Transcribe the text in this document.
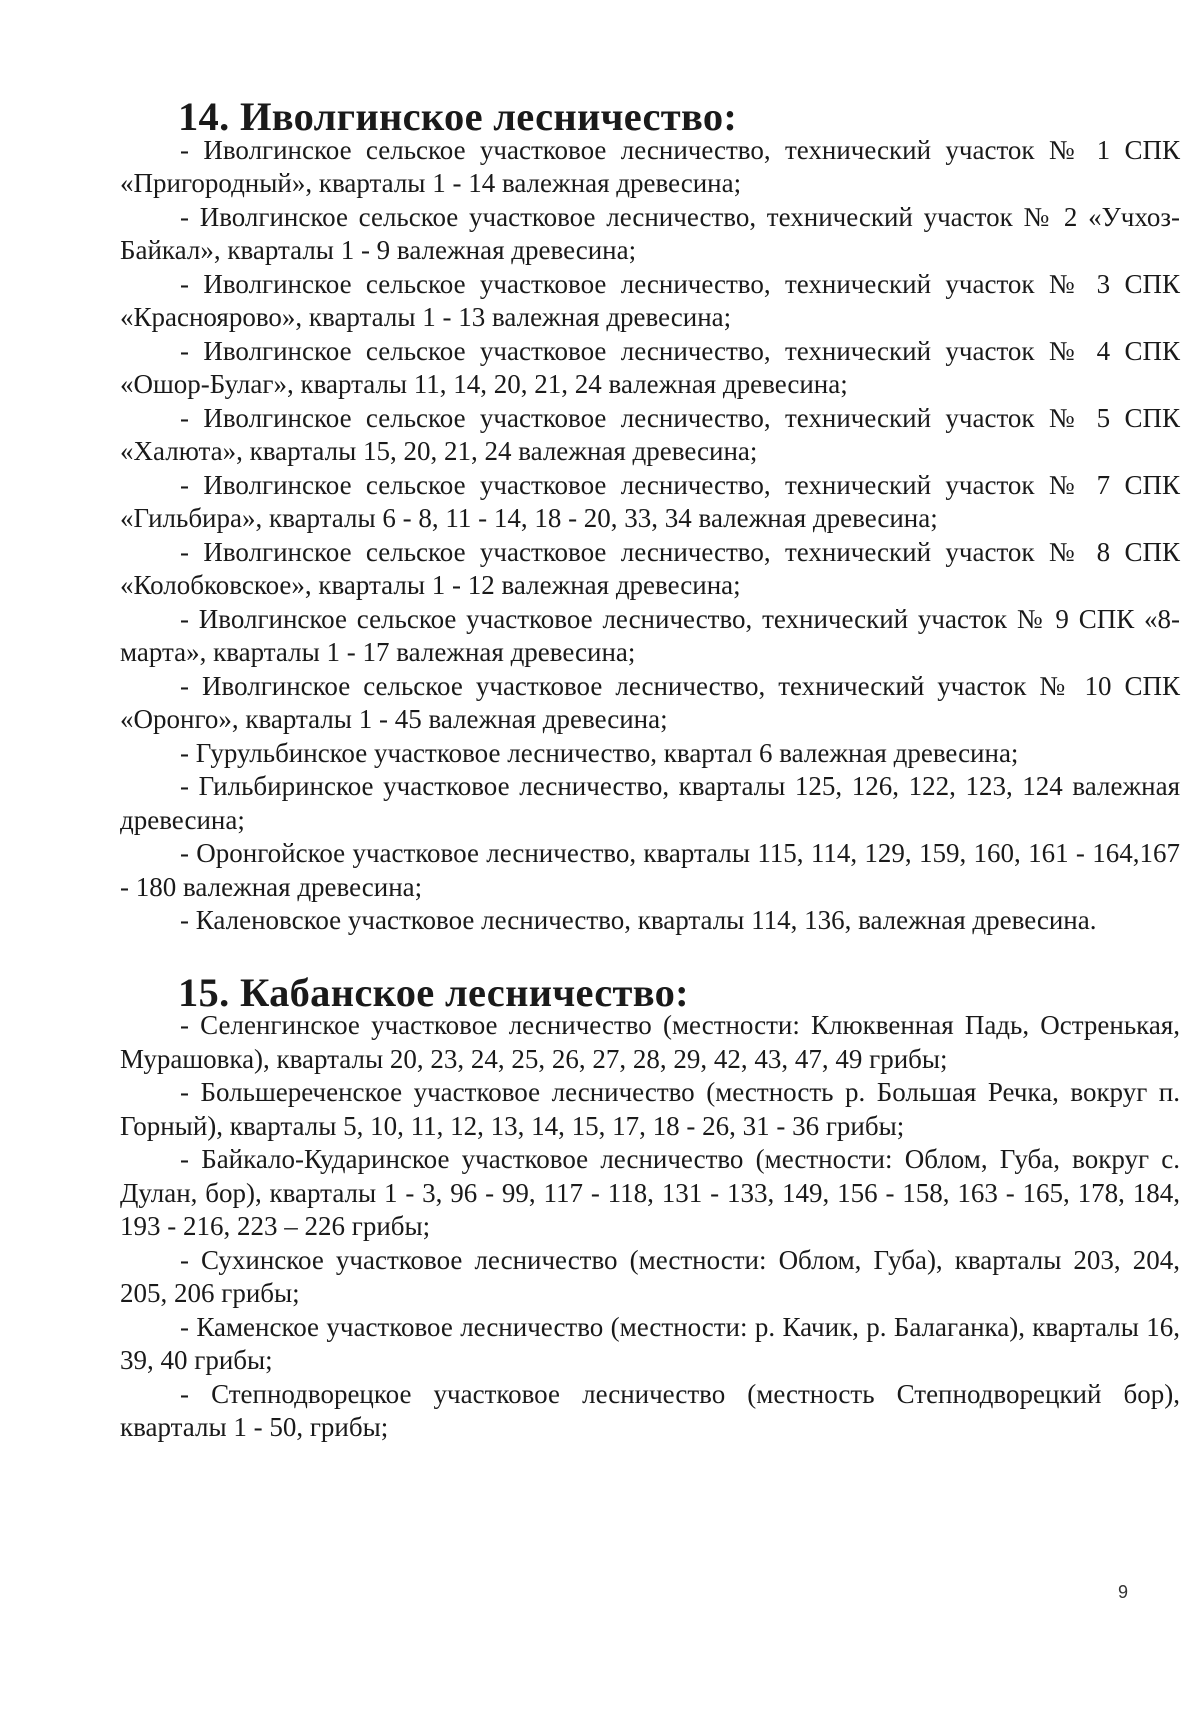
14. Иволгинское лесничество:

- Иволгинское сельское участковое лесничество, технический участок № 1 СПК «Пригородный», кварталы 1 - 14 валежная древесина;

- Иволгинское сельское участковое лесничество, технический участок № 2 «Учхоз- Байкал», кварталы 1 - 9 валежная древесина;

- Иволгинское сельское участковое лесничество, технический участок № 3 СПК «Красноярово», кварталы 1 - 13 валежная древесина;

- Иволгинское сельское участковое лесничество, технический участок № 4 СПК «Ошор-Булаг», кварталы 11, 14, 20, 21, 24 валежная древесина;

- Иволгинское сельское участковое лесничество, технический участок № 5 СПК «Халюта», кварталы 15, 20, 21, 24 валежная древесина;

- Иволгинское сельское участковое лесничество, технический участок № 7 СПК «Гильбира», кварталы 6 - 8, 11 - 14, 18 - 20, 33, 34 валежная древесина;

- Иволгинское сельское участковое лесничество, технический участок № 8 СПК «Колобковское», кварталы 1 - 12 валежная древесина;

- Иволгинское сельское участковое лесничество, технический участок № 9 СПК «8-марта», кварталы 1 - 17 валежная древесина;

- Иволгинское сельское участковое лесничество, технический участок № 10 СПК «Оронго», кварталы 1 - 45 валежная древесина;

- Гурульбинское участковое лесничество, квартал 6 валежная древесина;

- Гильбиринское участковое лесничество, кварталы 125, 126, 122, 123, 124 валежная древесина;

- Оронгойское участковое лесничество, кварталы 115, 114, 129, 159, 160, 161 - 164,167 - 180 валежная древесина;

- Каленовское участковое лесничество, кварталы 114, 136, валежная древесина.

15. Кабанское лесничество:

- Селенгинское участковое лесничество (местности: Клюквенная Падь, Остренькая, Мурашовка), кварталы 20, 23, 24, 25, 26, 27, 28, 29, 42, 43, 47, 49 грибы;

- Большереченское участковое лесничество (местность р. Большая Речка, вокруг п. Горный), кварталы 5, 10, 11, 12, 13, 14, 15, 17, 18 - 26, 31 - 36 грибы;

- Байкало-Кударинское участковое лесничество (местности: Облом, Губа, вокруг с. Дулан, бор), кварталы 1 - 3, 96 - 99, 117 - 118, 131 - 133, 149, 156 - 158, 163 - 165, 178, 184, 193 - 216, 223 – 226 грибы;

- Сухинское участковое лесничество (местности: Облом, Губа), кварталы 203, 204, 205, 206 грибы;

- Каменское участковое лесничество (местности: р. Качик, р. Балаганка), кварталы 16, 39, 40 грибы;

- Степнодворецкое участковое лесничество (местность Степнодворецкий бор), кварталы 1 - 50, грибы;

9
